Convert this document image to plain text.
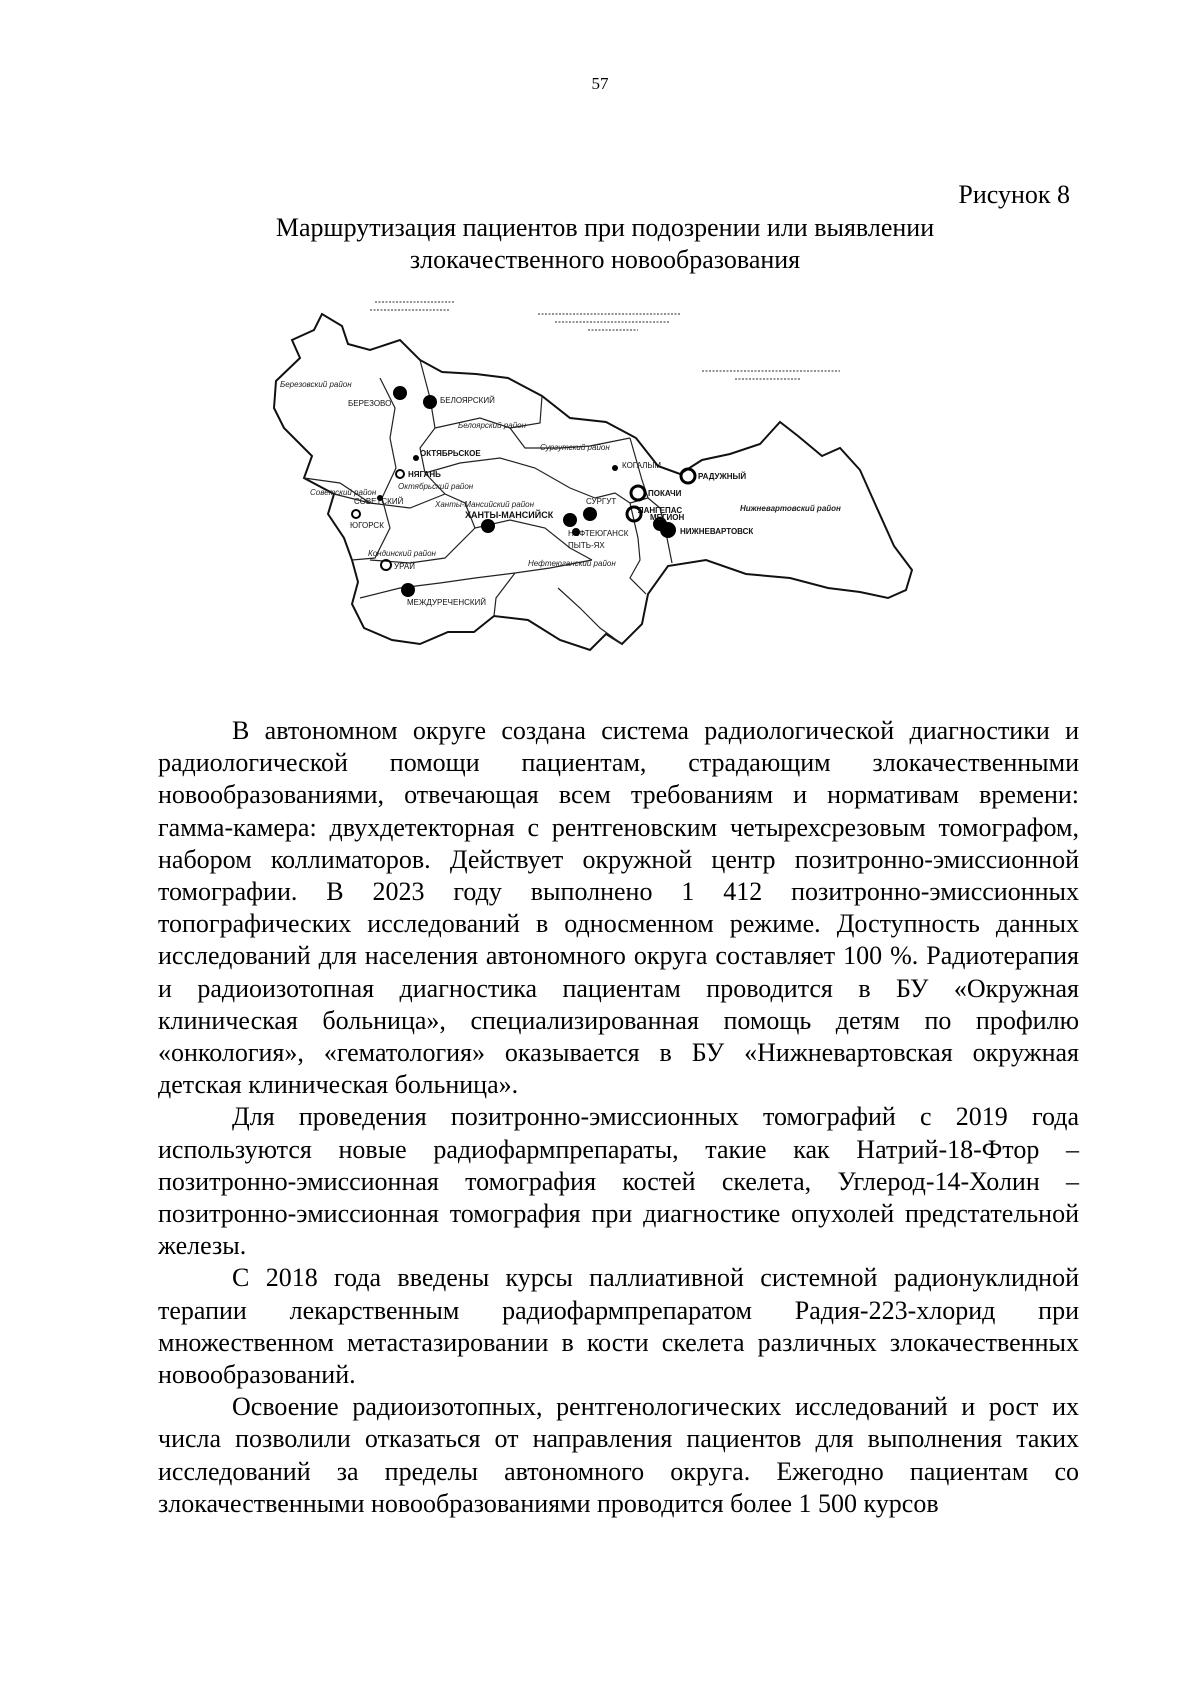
57
Рисунок 8
Маршрутизация пациентов при подозрении или выявлении
злокачественного новообразования
Березовский район
Белоярский район
Сургутский район
Советский район
Октябрьский район
Ханты-Мансийский район
Кондинский район
Нефтеюганский район
Нижневартовский район
БЕРЕЗОВО	БЕЛОЯРСКИЙ
ОКТЯБРЬСКОЕ
НЯГАНЬ
СОВЕТСКИЙ
ЮГОРСК
ХАНТЫ-МАНСИЙСК
КОГАЛЫМ
СУРГУТ
НЕФТЕЮГАНСК
ПЫТЬ-ЯХ
РАДУЖНЫЙ
ПОКАЧИ
ЛАНГЕПАС
МЕГИОН
НИЖНЕВАРТОВСК
УРАЙ
МЕЖДУРЕЧЕНСКИЙ

В автономном округе создана система радиологической диагностики и радиологической помощи пациентам, страдающим злокачественными новообразованиями, отвечающая всем требованиям и нормативам времени: гамма-камера: двухдетекторная с рентгеновским четырехсрезовым томографом, набором коллиматоров. Действует окружной центр позитронно-эмиссионной томографии. В 2023 году выполнено 1 412 позитронно-эмиссионных топографических исследований в односменном режиме. Доступность данных исследований для населения автономного округа составляет 100 %. Радиотерапия и радиоизотопная диагностика пациентам проводится в БУ «Окружная клиническая больница», специализированная помощь детям по профилю «онкология», «гематология» оказывается в БУ «Нижневартовская окружная детская клиническая больница».

Для проведения позитронно-эмиссионных томографий с 2019 года используются новые радиофармпрепараты, такие как Натрий-18-Фтор – позитронно-эмиссионная томография костей скелета, Углерод-14-Холин – позитронно-эмиссионная томография при диагностике опухолей предстательной железы.

С 2018 года введены курсы паллиативной системной радионуклидной терапии лекарственным радиофармпрепаратом Радия-223-хлорид при множественном метастазировании в кости скелета различных злокачественных новообразований.

Освоение радиоизотопных, рентгенологических исследований и рост их числа позволили отказаться от направления пациентов для выполнения таких исследований за пределы автономного округа. Ежегодно пациентам со злокачественными новообразованиями проводится более 1 500 курсов
